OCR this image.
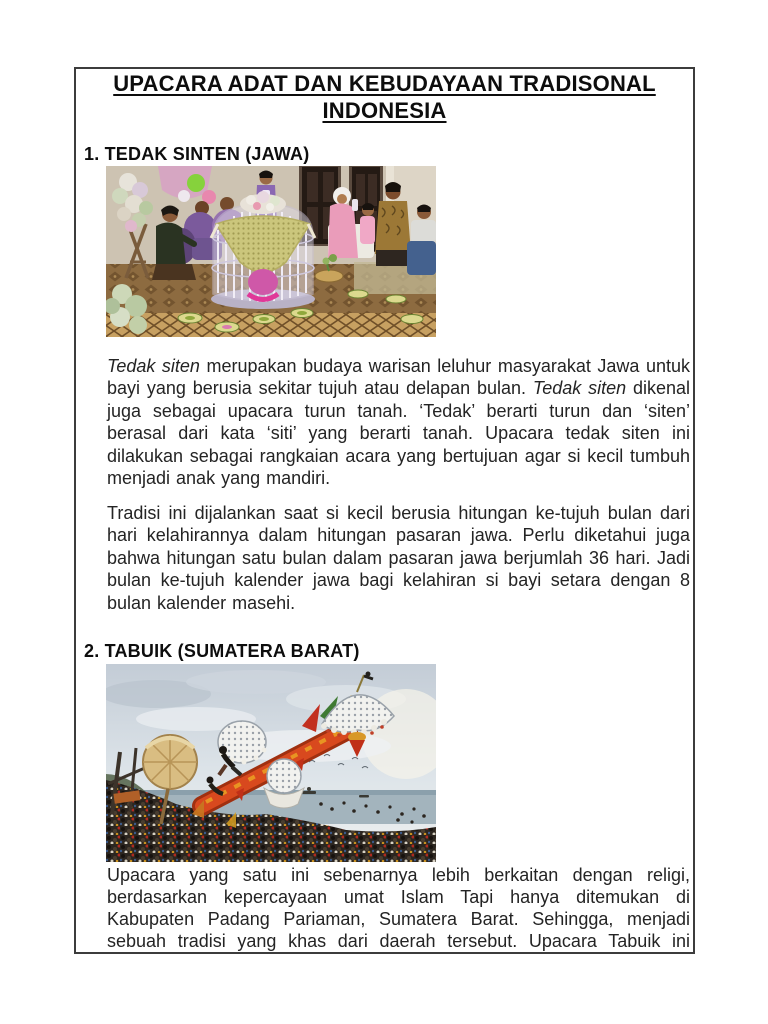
UPACARA ADAT DAN KEBUDAYAAN TRADISONAL INDONESIA
1. TEDAK SINTEN (JAWA)

Tedak siten merupakan budaya warisan leluhur masyarakat Jawa untuk bayi yang berusia sekitar tujuh atau delapan bulan. Tedak siten dikenal juga sebagai upacara turun tanah. ‘Tedak’ berarti turun dan ‘siten’ berasal dari kata ‘siti’ yang berarti tanah. Upacara tedak siten ini dilakukan sebagai rangkaian acara yang bertujuan agar si kecil tumbuh menjadi anak yang mandiri.

Tradisi ini dijalankan saat si kecil berusia hitungan ke-tujuh bulan dari hari kelahirannya dalam hitungan pasaran jawa. Perlu diketahui juga bahwa hitungan satu bulan dalam pasaran jawa berjumlah 36 hari. Jadi bulan ke-tujuh kalender jawa bagi kelahiran si bayi setara dengan 8 bulan kalender masehi.

2. TABUIK (SUMATERA BARAT)

Upacara yang satu ini sebenarnya lebih berkaitan dengan religi, berdasarkan kepercayaan umat Islam Tapi hanya ditemukan di Kabupaten Padang Pariaman, Sumatera Barat. Sehingga, menjadi sebuah tradisi yang khas dari daerah tersebut. Upacara Tabuik ini
